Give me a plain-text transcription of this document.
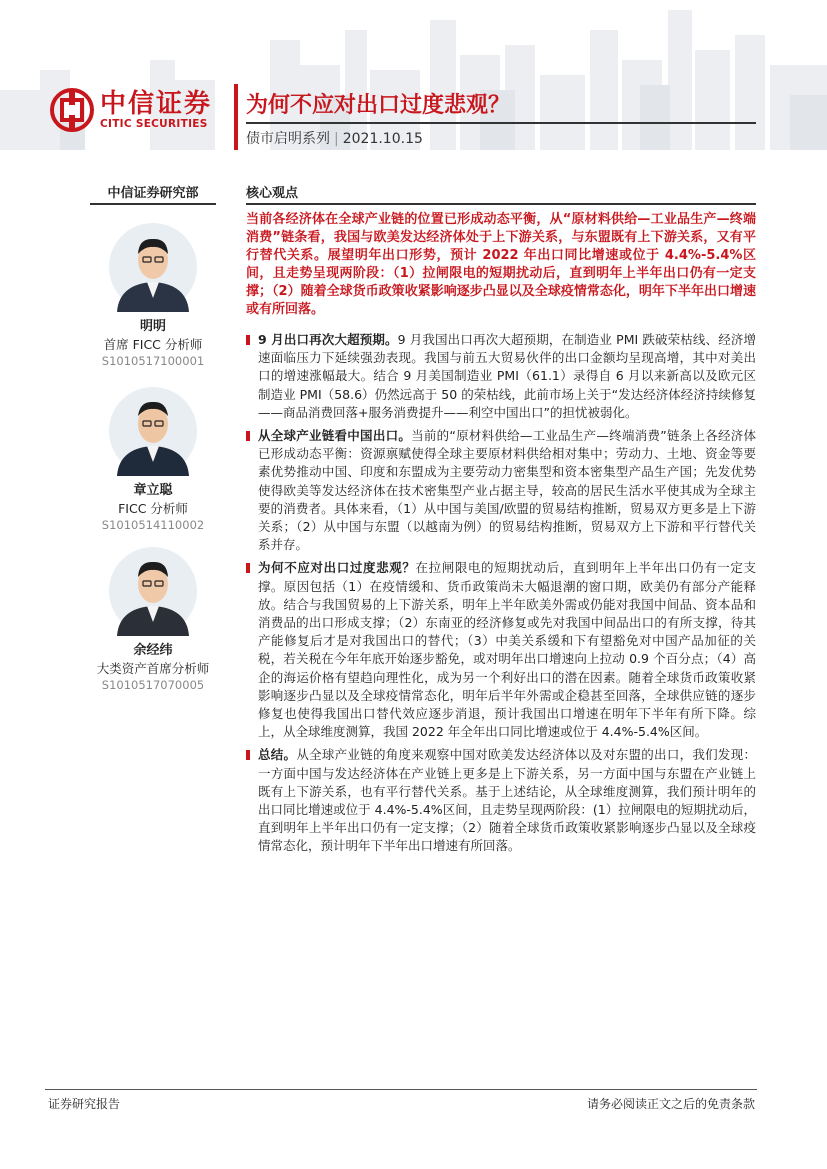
中信证券
CITIC SECURITIES
为何不应对出口过度悲观？
债市启明系列 | 2021.10.15
中信证券研究部	核心观点
明明
首席 FICC 分析师
S1010517100001
章立聪
FICC 分析师
S1010514110002
余经纬
大类资产首席分析师
S1010517070005
当前各经济体在全球产业链的位置已形成动态平衡，从“原材料供给—工业品生产—终端消费”链条看，我国与欧美发达经济体处于上下游关系，与东盟既有上下游关系，又有平行替代关系。展望明年出口形势，预计 2022 年出口同比增速或位于 4.4%-5.4%区间，且走势呈现两阶段：（1）拉闸限电的短期扰动后，直到明年上半年出口仍有一定支撑；（2）随着全球货币政策收紧影响逐步凸显以及全球疫情常态化，明年下半年出口增速或有所回落。
9 月出口再次大超预期。9 月我国出口再次大超预期，在制造业 PMI 跌破荣枯线、经济增速面临压力下延续强劲表现。我国与前五大贸易伙伴的出口金额均呈现高增，其中对美出口的增速涨幅最大。结合 9 月美国制造业 PMI（61.1）录得自 6 月以来新高以及欧元区制造业 PMI（58.6）仍然远高于 50 的荣枯线，此前市场上关于“发达经济体经济持续修复——商品消费回落+服务消费提升——利空中国出口”的担忧被弱化。
从全球产业链看中国出口。当前的“原材料供给—工业品生产—终端消费”链条上各经济体已形成动态平衡：资源禀赋使得全球主要原材料供给相对集中；劳动力、土地、资金等要素优势推动中国、印度和东盟成为主要劳动力密集型和资本密集型产品生产国；先发优势使得欧美等发达经济体在技术密集型产业占据主导，较高的居民生活水平使其成为全球主要的消费者。具体来看，（1）从中国与美国/欧盟的贸易结构推断，贸易双方更多是上下游关系；（2）从中国与东盟（以越南为例）的贸易结构推断，贸易双方上下游和平行替代关系并存。
为何不应对出口过度悲观？在拉闸限电的短期扰动后，直到明年上半年出口仍有一定支撑。原因包括（1）在疫情缓和、货币政策尚未大幅退潮的窗口期，欧美仍有部分产能释放。结合与我国贸易的上下游关系，明年上半年欧美外需或仍能对我国中间品、资本品和消费品的出口形成支撑；（2）东南亚的经济修复或先对我国中间品出口的有所支撑，待其产能修复后才是对我国出口的替代；（3）中美关系缓和下有望豁免对中国产品加征的关税，若关税在今年年底开始逐步豁免，或对明年出口增速向上拉动 0.9 个百分点；（4）高企的海运价格有望趋向理性化，成为另一个利好出口的潜在因素。随着全球货币政策收紧影响逐步凸显以及全球疫情常态化，明年后半年外需或企稳甚至回落，全球供应链的逐步修复也使得我国出口替代效应逐步消退，预计我国出口增速在明年下半年有所下降。综上，从全球维度测算，我国 2022 年全年出口同比增速或位于 4.4%-5.4%区间。
总结。从全球产业链的角度来观察中国对欧美发达经济体以及对东盟的出口，我们发现：一方面中国与发达经济体在产业链上更多是上下游关系，另一方面中国与东盟在产业链上既有上下游关系，也有平行替代关系。基于上述结论，从全球维度测算，我们预计明年的出口同比增速或位于 4.4%-5.4%区间，且走势呈现两阶段：(1）拉闸限电的短期扰动后，直到明年上半年出口仍有一定支撑；（2）随着全球货币政策收紧影响逐步凸显以及全球疫情常态化，预计明年下半年出口增速有所回落。
证券研究报告	请务必阅读正文之后的免责条款
